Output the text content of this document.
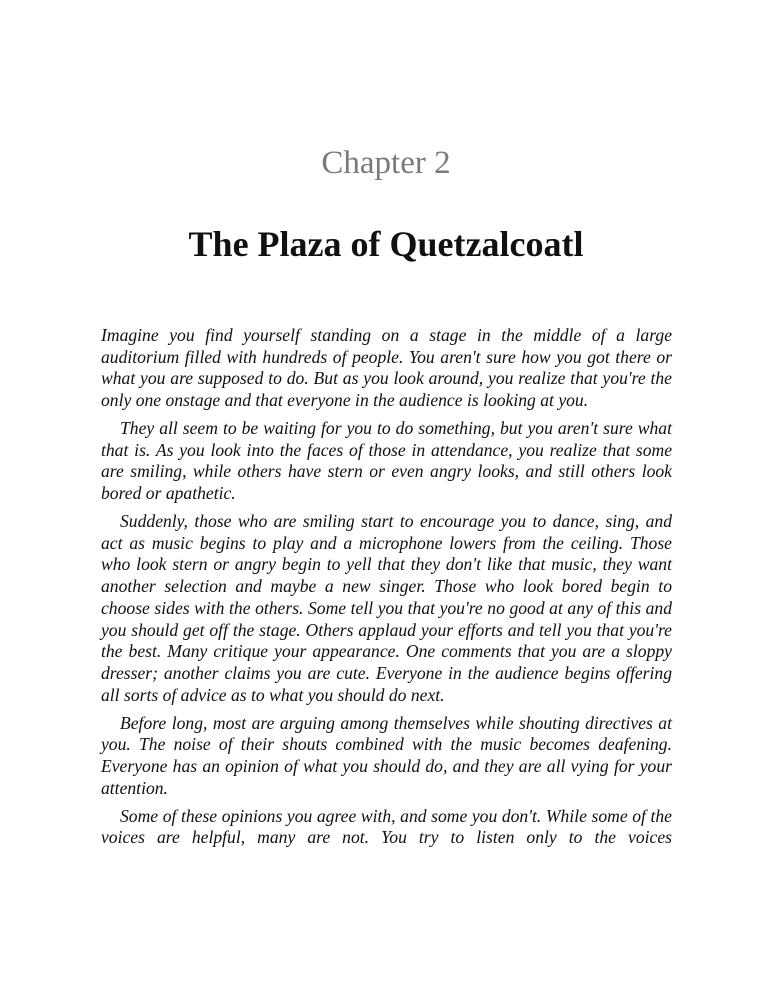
Chapter 2
The Plaza of Quetzalcoatl

Imagine you find yourself standing on a stage in the middle of a large auditorium filled with hundreds of people. You aren't sure how you got there or what you are supposed to do. But as you look around, you realize that you're the only one onstage and that everyone in the audience is looking at you.

They all seem to be waiting for you to do something, but you aren't sure what that is. As you look into the faces of those in attendance, you realize that some are smiling, while others have stern or even angry looks, and still others look bored or apathetic.

Suddenly, those who are smiling start to encourage you to dance, sing, and act as music begins to play and a microphone lowers from the ceiling. Those who look stern or angry begin to yell that they don't like that music, they want another selection and maybe a new singer. Those who look bored begin to choose sides with the others. Some tell you that you're no good at any of this and you should get off the stage. Others applaud your efforts and tell you that you're the best. Many critique your appearance. One comments that you are a sloppy dresser; another claims you are cute. Everyone in the audience begins offering all sorts of advice as to what you should do next.

Before long, most are arguing among themselves while shouting directives at you. The noise of their shouts combined with the music becomes deafening. Everyone has an opinion of what you should do, and they are all vying for your attention.

Some of these opinions you agree with, and some you don't. While some of the voices are helpful, many are not. You try to listen only to the voices
